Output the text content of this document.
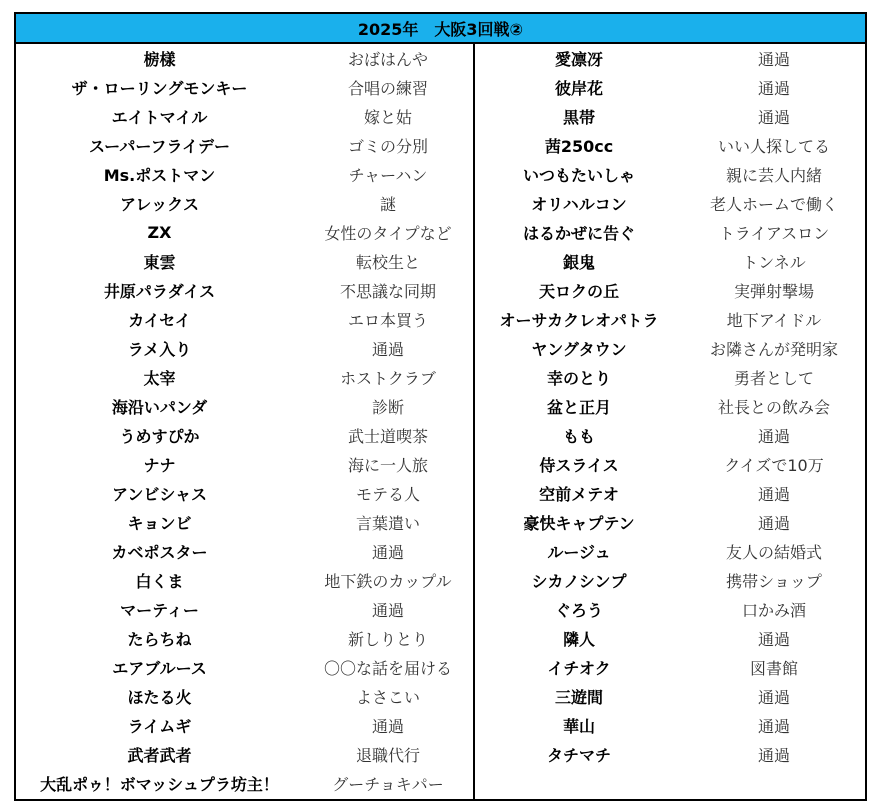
2025年　大阪3回戦②
椖樣	おばはんや
ザ・ローリングモンキー	合唱の練習
エイトマイル	嫁と姑
スーパーフライデー	ゴミの分別
Ms.ポストマン	チャーハン
アレックス	謎
ZX	女性のタイプなど
東雲	転校生と
井原パラダイス	不思議な同期
カイセイ	エロ本買う
ラメ入り	通過
太宰	ホストクラブ
海沿いパンダ	診断
うめすぴか	武士道喫茶
ナナ	海に一人旅
アンビシャス	モテる人
キョンビ	言葉遣い
カベポスター	通過
白くま	地下鉄のカップル
マーティー	通過
たらちね	新しりとり
エアブルース	〇〇な話を届ける
ほたる火	よさこい
ライムギ	通過
武者武者	退職代行
大乱ポゥ！ボマッシュプラ坊主！	グーチョキパー
愛凛冴	通過
彼岸花	通過
黒帯	通過
茜250cc	いい人探してる
いつもたいしゃ	親に芸人内緒
オリハルコン	老人ホームで働く
はるかぜに告ぐ	トライアスロン
銀鬼	トンネル
天ロクの丘	実弾射撃場
オーサカクレオパトラ	地下アイドル
ヤングタウン	お隣さんが発明家
幸のとり	勇者として
盆と正月	社長との飲み会
もも	通過
侍スライス	クイズで10万
空前メテオ	通過
豪快キャプテン	通過
ルージュ	友人の結婚式
シカノシンプ	携帯ショップ
ぐろう	口かみ酒
隣人	通過
イチオク	図書館
三遊間	通過
華山	通過
タチマチ	通過
